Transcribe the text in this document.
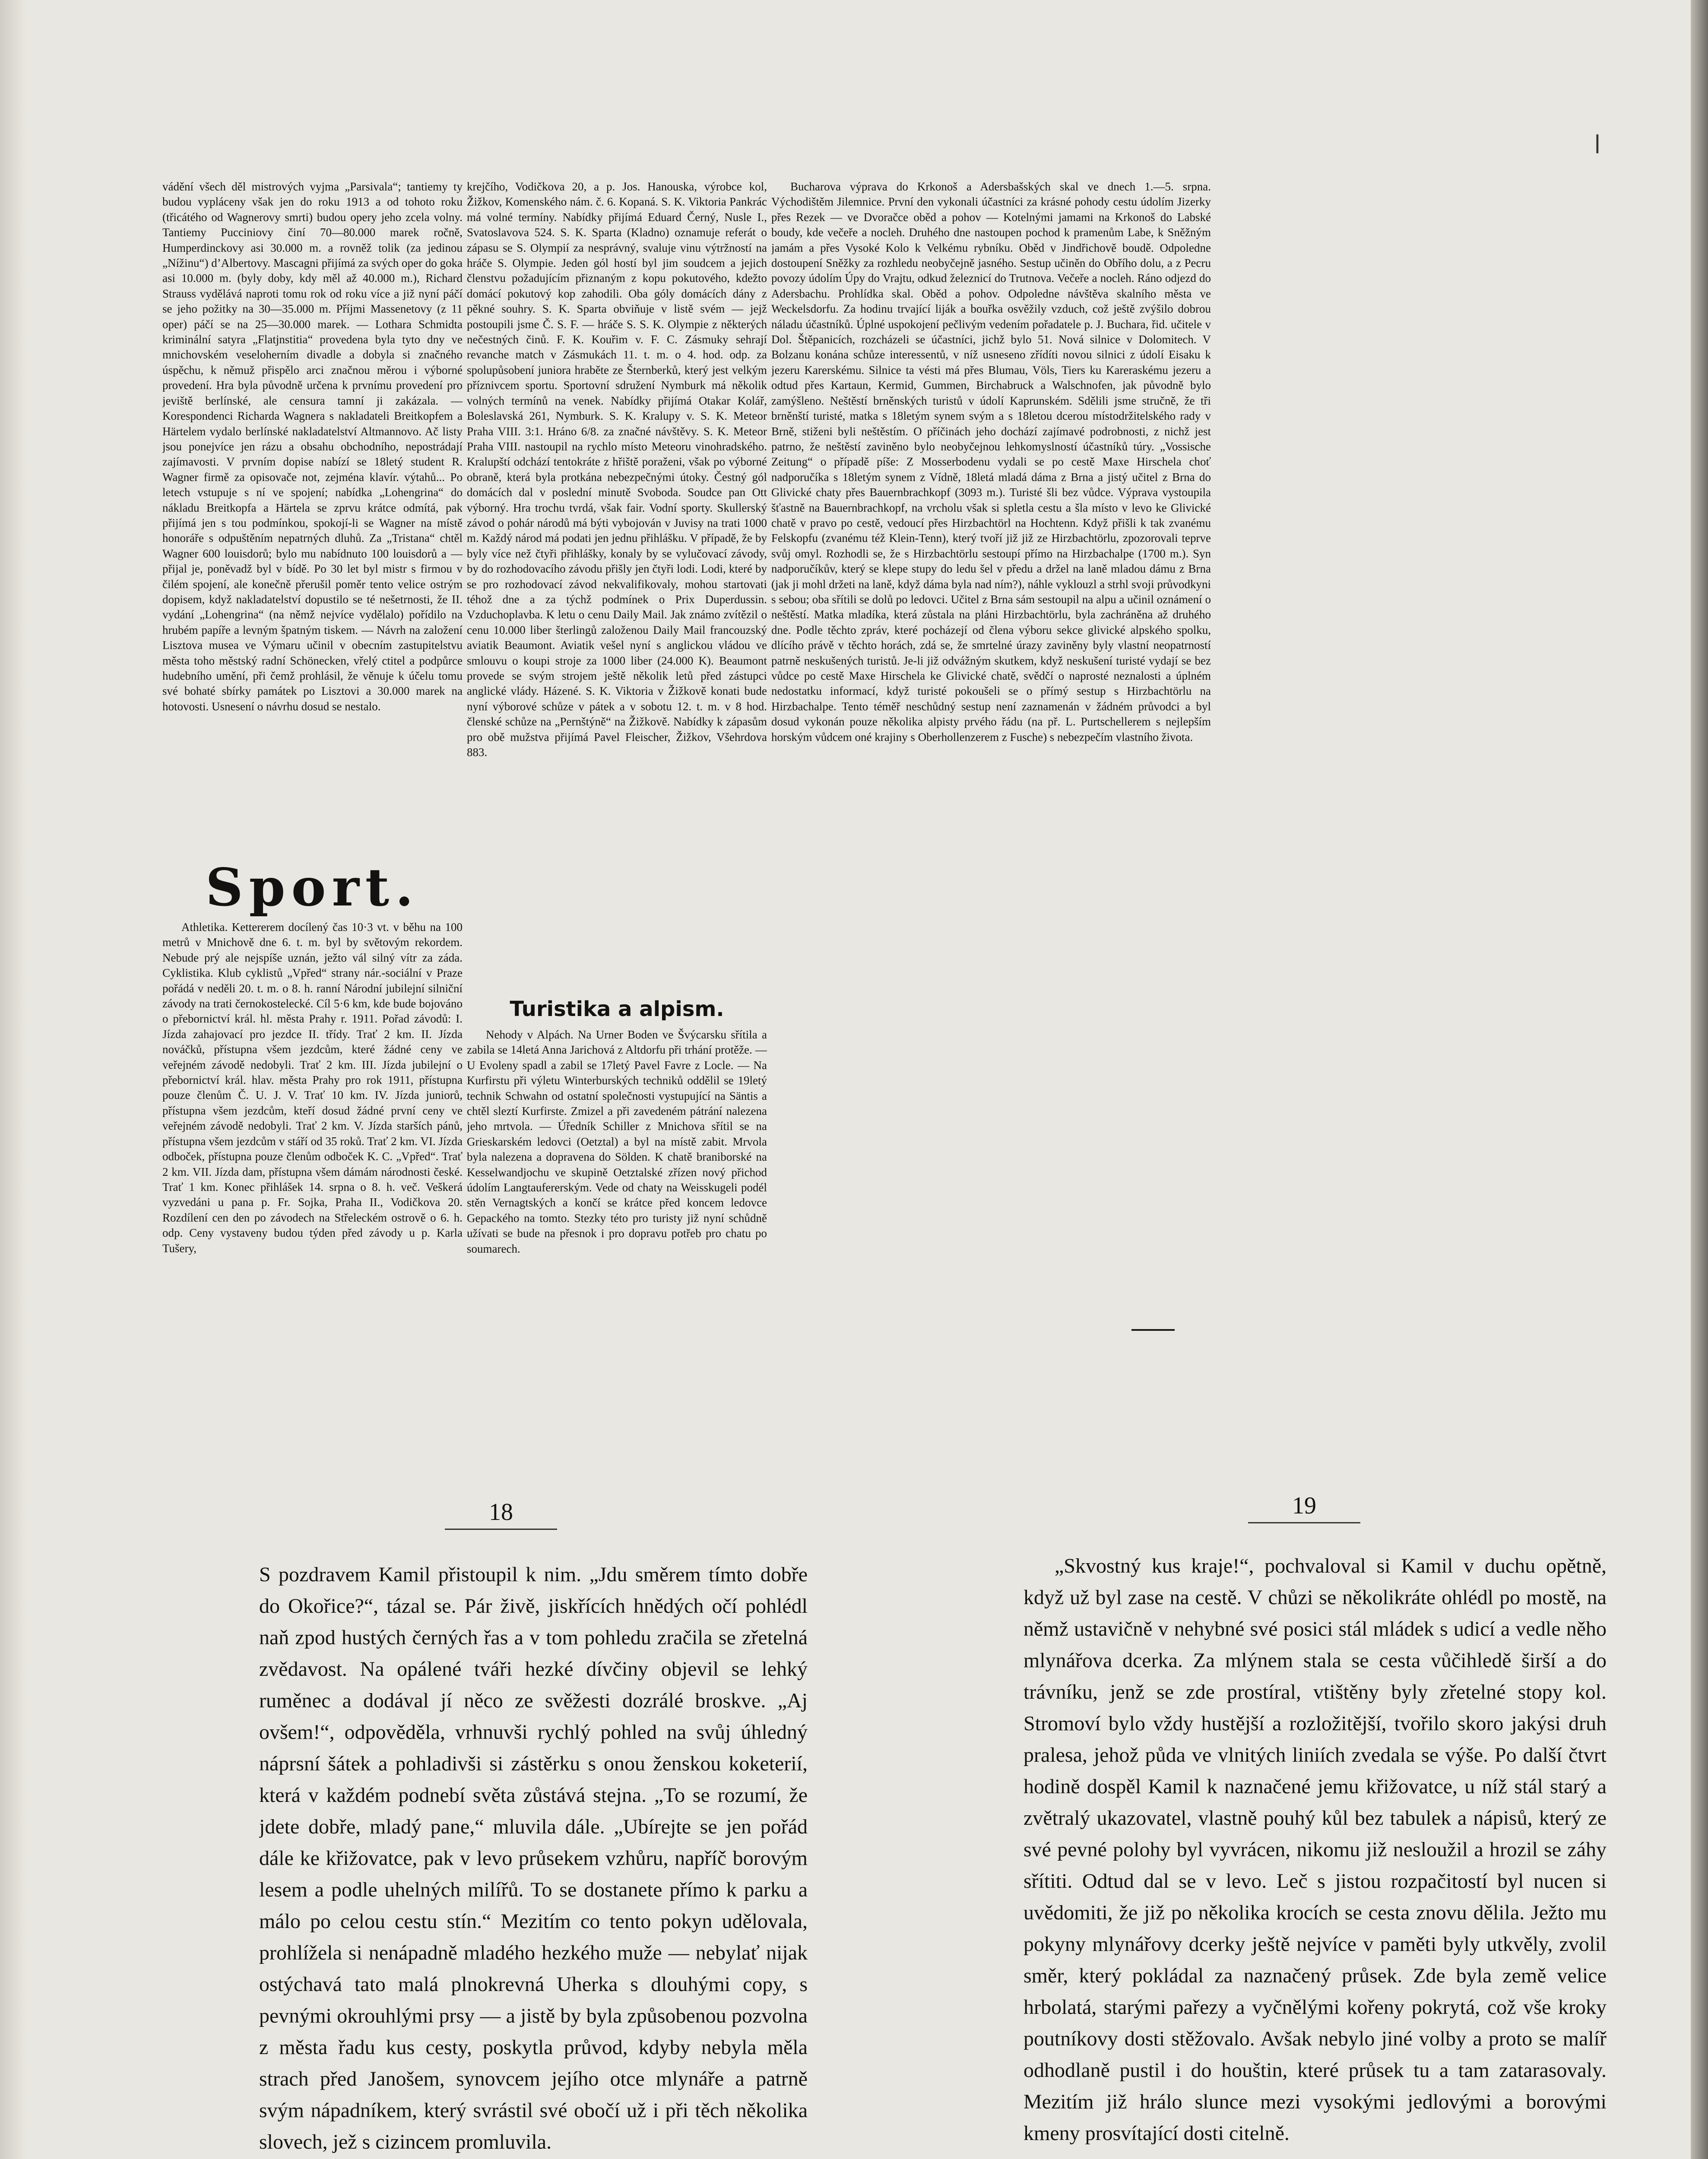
vádění všech děl mistrových vyjma „Parsivala“; tantiemy ty budou vypláceny však jen do roku 1913 a od tohoto roku (třicátého od Wagnerovy smrti) budou opery jeho zcela volny. Tantiemy Pucciniovy činí 70—80.000 marek ročně, Humperdinckovy asi 30.000 m. a rovněž tolik (za jedinou „Nížinu“) d’Albertovy. Mascagni přijímá za svých oper do goka asi 10.000 m. (byly doby, kdy měl až 40.000 m.), Richard Strauss vydělává naproti tomu rok od roku více a již nyní páčí se jeho požitky na 30—35.000 m. Příjmi Massenetovy (z 11 oper) páčí se na 25—30.000 marek. — Lothara Schmidta kriminální satyra „Flatjnstitia“ provedena byla tyto dny ve mnichovském veseloherním divadle a dobyla si značného úspěchu, k němuž přispělo arci značnou měrou i výborné provedení. Hra byla původně určena k prvnímu provedení pro jeviště berlínské, ale censura tamní ji zakázala. — Korespondenci Richarda Wagnera s nakladateli Breitkopfem a Härtelem vydalo berlínské nakladatelství Altmannovo. Ač listy jsou ponejvíce jen rázu a obsahu obchodního, nepostrádají zajímavosti. V prvním dopise nabízí se 18letý student R. Wagner firmě za opisovače not, zejména klavír. výtahů... Po letech vstupuje s ní ve spojení; nabídka „Lohengrina“ do nákladu Breitkopfa a Härtela se zprvu krátce odmítá, pak přijímá jen s tou podmínkou, spokojí-li se Wagner na místě honoráře s odpuštěním nepatrných dluhů. Za „Tristana“ chtěl Wagner 600 louisdorů; bylo mu nabídnuto 100 louisdorů a — přijal je, poněvadž byl v bídě. Po 30 let byl mistr s firmou v čilém spojení, ale konečně přerušil poměr tento velice ostrým dopisem, když nakladatelství dopustilo se té nešetrnosti, že II. vydání „Lohengrina“ (na němž nejvíce vydělalo) pořídilo na hrubém papíře a levným špatným tiskem. — Návrh na založení Lisztova musea ve Výmaru učinil v obecním zastupitelstvu města toho městský radní Schönecken, vřelý ctitel a podpůrce hudebního umění, při čemž prohlásil, že věnuje k účelu tomu své bohaté sbírky památek po Lisztovi a 30.000 marek na hotovosti. Usnesení o návrhu dosud se nestalo.

Sport.

Athletika. Kettererem docílený čas 10·3 vt. v běhu na 100 metrů v Mnichově dne 6. t. m. byl by světovým rekordem. Nebude prý ale nejspíše uznán, ježto vál silný vítr za záda. Cyklistika. Klub cyklistů „Vpřed“ strany nár.-sociální v Praze pořádá v neděli 20. t. m. o 8. h. ranní Národní jubilejní silniční závody na trati černokostelecké. Cíl 5·6 km, kde bude bojováno o přebornictví král. hl. města Prahy r. 1911. Pořad závodů: I. Jízda zahajovací pro jezdce II. třídy. Trať 2 km. II. Jízda nováčků, přístupna všem jezdcům, které žádné ceny ve veřejném závodě nedobyli. Trať 2 km. III. Jízda jubilejní o přebornictví král. hlav. města Prahy pro rok 1911, přístupna pouze členům Č. U. J. V. Trať 10 km. IV. Jízda juniorů, přístupna všem jezdcům, kteří dosud žádné první ceny ve veřejném závodě nedobyli. Trať 2 km. V. Jízda starších pánů, přístupna všem jezdcům v stáří od 35 roků. Trať 2 km. VI. Jízda odboček, přístupna pouze členům odboček K. C. „Vpřed“. Trať 2 km. VII. Jízda dam, přístupna všem dámám národnosti české. Trať 1 km. Konec přihlášek 14. srpna o 8. h. več. Veškerá vyzvedáni u pana p. Fr. Sojka, Praha II., Vodičkova 20. Rozdílení cen den po závodech na Střeleckém ostrově o 6. h. odp. Ceny vystaveny budou týden před závody u p. Karla Tušery,

krejčího, Vodičkova 20, a p. Jos. Hanouska, výrobce kol, Žižkov, Komenského nám. č. 6. Kopaná. S. K. Viktoria Pankrác má volné termíny. Nabídky přijímá Eduard Černý, Nusle I., Svatoslavova 524. S. K. Sparta (Kladno) oznamuje referát o zápasu se S. Olympií za nesprávný, svaluje vinu výtržností na hráče S. Olympie. Jeden gól hostí byl jim soudcem a jejich členstvu požadujícím přiznaným z kopu pokutového, kdežto domácí pokutový kop zahodili. Oba góly domácích dány z pěkné souhry. S. K. Sparta obviňuje v listě svém — jejž postoupili jsme Č. S. F. — hráče S. S. K. Olympie z některých nečestných činů. F. K. Kouřim v. F. C. Zásmuky sehrají revanche match v Zásmukách 11. t. m. o 4. hod. odp. za spolupůsobení juniora hraběte ze Šternberků, který jest velkým příznivcem sportu. Sportovní sdružení Nymburk má několik volných termínů na venek. Nabídky přijímá Otakar Kolář, Boleslavská 261, Nymburk. S. K. Kralupy v. S. K. Meteor Praha VIII. 3:1. Hráno 6/8. za značné návštěvy. S. K. Meteor Praha VIII. nastoupil na rychlo místo Meteoru vinohradského. Kralupští odchází tentokráte z hřiště poraženi, však po výborné obraně, která byla protkána nebezpečnými útoky. Čestný gól domácích dal v poslední minutě Svoboda. Soudce pan Ott výborný. Hra trochu tvrdá, však fair. Vodní sporty. Skullerský závod o pohár národů má býti vybojován v Juvisy na trati 1000 m. Každý národ má podati jen jednu přihlášku. V případě, že by byly více než čtyři přihlášky, konaly by se vylučovací závody, by do rozhodovacího závodu přišly jen čtyři lodi. Lodi, které by se pro rozhodovací závod nekvalifikovaly, mohou startovati téhož dne a za týchž podmínek o Prix Duperdussin. Vzduchoplavba. K letu o cenu Daily Mail. Jak známo zvítězil o cenu 10.000 liber šterlingů založenou Daily Mail francouzský aviatik Beaumont. Aviatik vešel nyní s anglickou vládou ve smlouvu o koupi stroje za 1000 liber (24.000 K). Beaumont provede se svým strojem ještě několik letů před zástupci anglické vlády. Házené. S. K. Viktoria v Žižkově konati bude nyní výborové schůze v pátek a v sobotu 12. t. m. v 8 hod. členské schůze na „Pernštýně“ na Žižkově. Nabídky k zápasům pro obě mužstva přijímá Pavel Fleischer, Žižkov, Všehrdova 883.

Turistika a alpism.

Nehody v Alpách. Na Urner Boden ve Švýcarsku sřítila a zabila se 14letá Anna Jarichová z Altdorfu při trhání protěže. — U Evoleny spadl a zabil se 17letý Pavel Favre z Locle. — Na Kurfirstu při výletu Winterburských techniků oddělil se 19letý technik Schwahn od ostatní společnosti vystupující na Säntis a chtěl sleztí Kurfirste. Zmizel a při zavedeném pátrání nalezena jeho mrtvola. — Úředník Schiller z Mnichova sřítil se na Grieskarském ledovci (Oetztal) a byl na místě zabit. Mrvola byla nalezena a dopravena do Sölden. K chatě braniborské na Kesselwandjochu ve skupině Oetztalské zřízen nový přichod údolím Langtaufererským. Vede od chaty na Weisskugeli podél stěn Vernagtských a končí se krátce před koncem ledovce Gepackého na tomto. Stezky této pro turisty již nyní schůdně užívati se bude na přesnok i pro dopravu potřeb pro chatu po soumarech.

Bucharova výprava do Krkonoš a Adersbašských skal ve dnech 1.—5. srpna. Východištěm Jilemnice. První den vykonali účastníci za krásné pohody cestu údolím Jizerky přes Rezek — ve Dvoračce oběd a pohov — Kotelnými jamami na Krkonoš do Labské boudy, kde večeře a nocleh. Druhého dne nastoupen pochod k pramenům Labe, k Sněžným jamám a přes Vysoké Kolo k Velkému rybníku. Oběd v Jindřichově boudě. Odpoledne dostoupení Sněžky za rozhledu neobyčejně jasného. Sestup učiněn do Obřího dolu, a z Pecru povozy údolím Úpy do Vrajtu, odkud železnicí do Trutnova. Večeře a nocleh. Ráno odjezd do Adersbachu. Prohlídka skal. Oběd a pohov. Odpoledne návštěva skalního města ve Weckelsdorfu. Za hodinu trvající liják a bouřka osvěžily vzduch, což ještě zvýšilo dobrou náladu účastníků. Úplné uspokojení pečlivým vedením pořadatele p. J. Buchara, řid. učitele v Dol. Štěpanicích, rozcházeli se účastníci, jichž bylo 51. Nová silnice v Dolomitech. V Bolzanu konána schůze interessentů, v níž usneseno zřídíti novou silnici z údolí Eisaku k jezeru Karerskému. Silnice ta vésti má přes Blumau, Völs, Tiers ku Kareraskému jezeru a odtud přes Kartaun, Kermid, Gummen, Birchabruck a Walschnofen, jak původně bylo zamýšleno. Neštěstí brněnských turistů v údolí Kaprunském. Sdělili jsme stručně, že tři brněnští turisté, matka s 18letým synem svým a s 18letou dcerou místodržitelského rady v Brně, stiženi byli neštěstím. O příčinách jeho dochází zajímavé podrobnosti, z nichž jest patrno, že neštěstí zaviněno bylo neobyčejnou lehkomyslností účastníků túry. „Vossische Zeitung“ o případě píše: Z Mosserbodenu vydali se po cestě Maxe Hirschela choť nadporučíka s 18letým synem z Vídně, 18letá mladá dáma z Brna a jistý učitel z Brna do Glivické chaty přes Bauernbrachkopf (3093 m.). Turisté šli bez vůdce. Výprava vystoupila šťastně na Bauernbrachkopf, na vrcholu však si spletla cestu a šla místo v levo ke Glivické chatě v pravo po cestě, vedoucí přes Hirzbachtörl na Hochtenn. Když přišli k tak zvanému Felskopfu (zvanému též Klein-Tenn), který tvoří již již ze Hirzbachtörlu, zpozorovali teprve svůj omyl. Rozhodli se, že s Hirzbachtörlu sestoupí přímo na Hirzbachalpe (1700 m.). Syn nadporučíkův, který se klepe stupy do ledu šel v předu a držel na laně mladou dámu z Brna (jak ji mohl držeti na laně, když dáma byla nad ním?), náhle vyklouzl a strhl svoji průvodkyni s sebou; oba sřítili se dolů po ledovci. Učitel z Brna sám sestoupil na alpu a učinil oznámení o neštěstí. Matka mladíka, která zůstala na pláni Hirzbachtörlu, byla zachráněna až druhého dne. Podle těchto zpráv, které pocházejí od člena výboru sekce glivické alpského spolku, dlícího právě v těchto horách, zdá se, že smrtelné úrazy zaviněny byly vlastní neopatrností patrně neskušených turistů. Je-li již odvážným skutkem, když neskušení turisté vydají se bez vůdce po cestě Maxe Hirschela ke Glivické chatě, svědčí o naprosté neznalosti a úplném nedostatku informací, když turisté pokoušeli se o přímý sestup s Hirzbachtörlu na Hirzbachalpe. Tento téměř neschůdný sestup není zaznamenán v žádném průvodci a byl dosud vykonán pouze několika alpisty prvého řádu (na př. L. Purtschellerem s nejlepším horským vůdcem oné krajiny s Oberhollenzerem z Fusche) s nebezpečím vlastního života.

18	19

S pozdravem Kamil přistoupil k nim. „Jdu směrem tímto dobře do Okořice?“, tázal se. Pár živě, jiskřících hnědých očí pohlédl naň zpod hustých černých řas a v tom pohledu zračila se zřetelná zvědavost. Na opálené tváři hezké dívčiny objevil se lehký ruměnec a dodával jí něco ze svěžesti dozrálé broskve. „Aj ovšem!“, odpověděla, vrhnuvši rychlý pohled na svůj úhledný náprsní šátek a pohladivši si zástěrku s onou ženskou koketerií, která v každém podnebí světa zůstává stejna. „To se rozumí, že jdete dobře, mladý pane,“ mluvila dále. „Ubírejte se jen pořád dále ke křižovatce, pak v levo průsekem vzhůru, napříč borovým lesem a podle uhelných milířů. To se dostanete přímo k parku a málo po celou cestu stín.“ Mezitím co tento pokyn udělovala, prohlížela si nenápadně mladého hezkého muže — nebylať nijak ostýchavá tato malá plnokrevná Uherka s dlouhými copy, s pevnými okrouhlými prsy — a jistě by byla způsobenou pozvolna z města řadu kus cesty, poskytla průvod, kdyby nebyla měla strach před Janošem, synovcem jejího otce mlynáře a patrně svým nápadníkem, který svrástil své obočí už i při těch několika slovech, jež s cizincem promluvila.

„Skvostný kus kraje!“, pochvaloval si Kamil v duchu opětně, když už byl zase na cestě. V chůzi se několikráte ohlédl po mostě, na němž ustavičně v nehybné své posici stál mládek s udicí a vedle něho mlynářova dcerka. Za mlýnem stala se cesta vůčihledě širší a do trávníku, jenž se zde prostíral, vtištěny byly zřetelné stopy kol. Stromoví bylo vždy hustější a rozložitější, tvořilo skoro jakýsi druh pralesa, jehož půda ve vlnitých liniích zvedala se výše. Po další čtvrt hodině dospěl Kamil k naznačené jemu křižovatce, u níž stál starý a zvětralý ukazovatel, vlastně pouhý kůl bez tabulek a nápisů, který ze své pevné polohy byl vyvrácen, nikomu již nesloužil a hrozil se záhy sřítiti. Odtud dal se v levo. Leč s jistou rozpačitostí byl nucen si uvědomiti, že již po několika krocích se cesta znovu dělila. Ježto mu pokyny mlynářovy dcerky ještě nejvíce v paměti byly utkvěly, zvolil směr, který pokládal za naznačený průsek. Zde byla země velice hrbolatá, starými pařezy a vyčnělými kořeny pokrytá, což vše kroky poutníkovy dosti stěžovalo. Avšak nebylo jiné volby a proto se malíř odhodlaně pustil i do houštin, které průsek tu a tam zatarasovaly. Mezitím již hrálo slunce mezi vysokými jedlovými a borovými kmeny prosvítající dosti citelně.

ǀ
